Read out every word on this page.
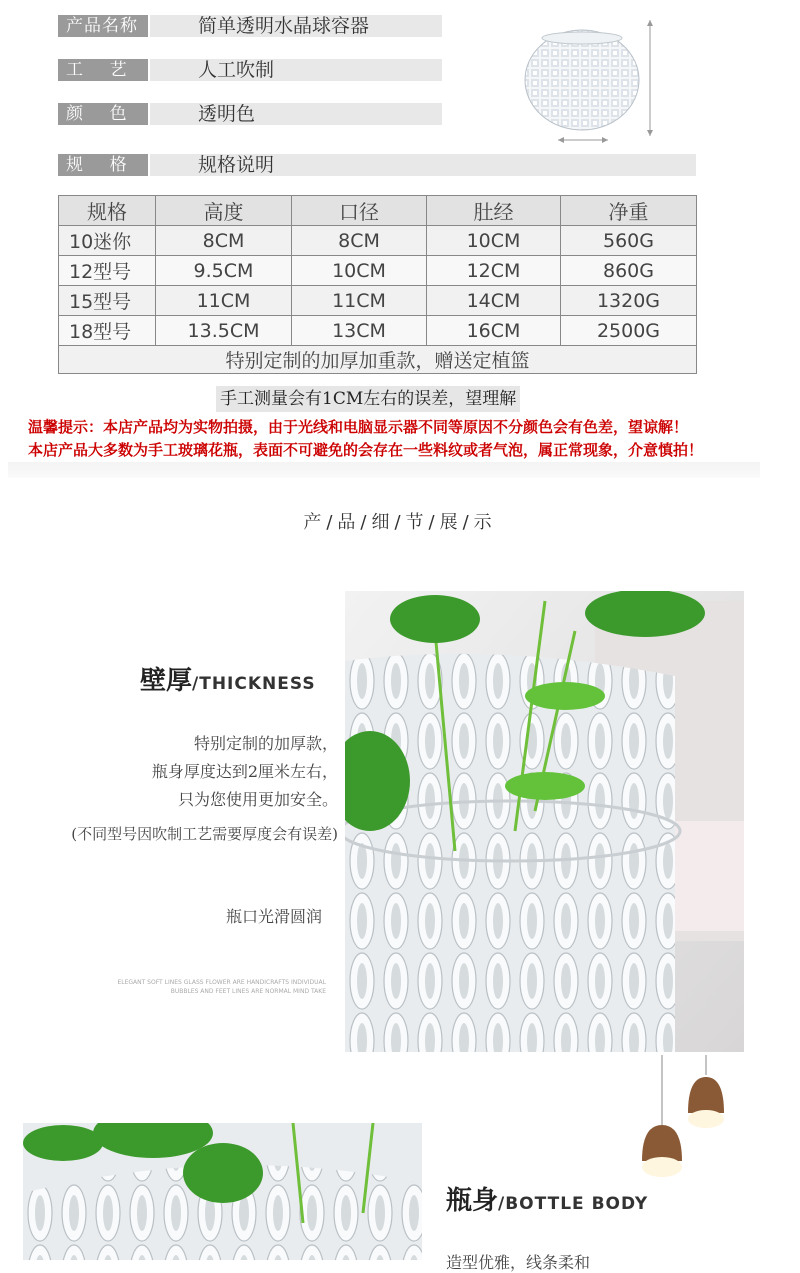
产品名称	简单透明水晶球容器
工    艺	人工吹制
颜    色	透明色
规    格	规格说明
规格	高度	口径	肚经	净重
10迷你	8CM	8CM	10CM	560G
12型号	9.5CM	10CM	12CM	860G
15型号	11CM	11CM	14CM	1320G
18型号	13.5CM	13CM	16CM	2500G
特别定制的加厚加重款，赠送定植篮				
手工测量会有1CM左右的误差，望理解
温馨提示：本店产品均为实物拍摄，由于光线和电脑显示器不同等原因不分颜色会有色差，望谅解！
本店产品大多数为手工玻璃花瓶，表面不可避免的会存在一些料纹或者气泡，属正常现象，介意慎拍！
产/品/细/节/展/示
壁厚/THICKNESS
特别定制的加厚款，
瓶身厚度达到2厘米左右，
只为您使用更加安全。
(不同型号因吹制工艺需要厚度会有误差)
瓶口光滑圆润
ELEGANT SOFT LINES GLASS FLOWER ARE HANDICRAFTS INDIVIDUAL
BUBBLES AND FEET LINES ARE NORMAL MIND TAKE
瓶身/BOTTLE BODY
造型优雅，线条柔和
